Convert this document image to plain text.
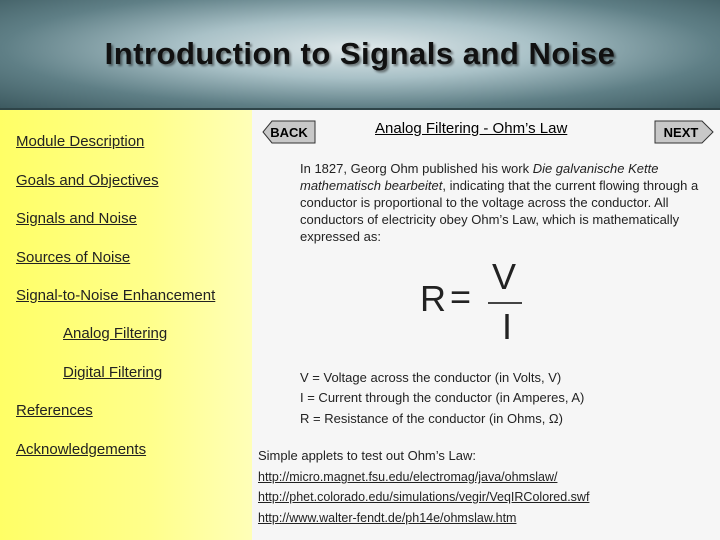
Introduction to Signals and Noise
Module Description
Goals and Objectives
Signals and Noise
Sources of Noise
Signal-to-Noise Enhancement
Analog Filtering
Digital Filtering
References
Acknowledgements
BACK	Analog Filtering - Ohm’s Law	NEXT
In 1827, Georg Ohm published his work Die galvanische Kette mathematisch bearbeitet, indicating that the current flowing through a conductor is proportional to the voltage across the conductor. All conductors of electricity obey Ohm’s Law, which is mathematically expressed as:
R = V
I
V = Voltage across the conductor (in Volts, V)
I = Current through the conductor (in Amperes, A)
R = Resistance of the conductor (in Ohms, Ω)
Simple applets to test out Ohm’s Law:
http://micro.magnet.fsu.edu/electromag/java/ohmslaw/
http://phet.colorado.edu/simulations/vegir/VeqIRColored.swf
http://www.walter-fendt.de/ph14e/ohmslaw.htm
